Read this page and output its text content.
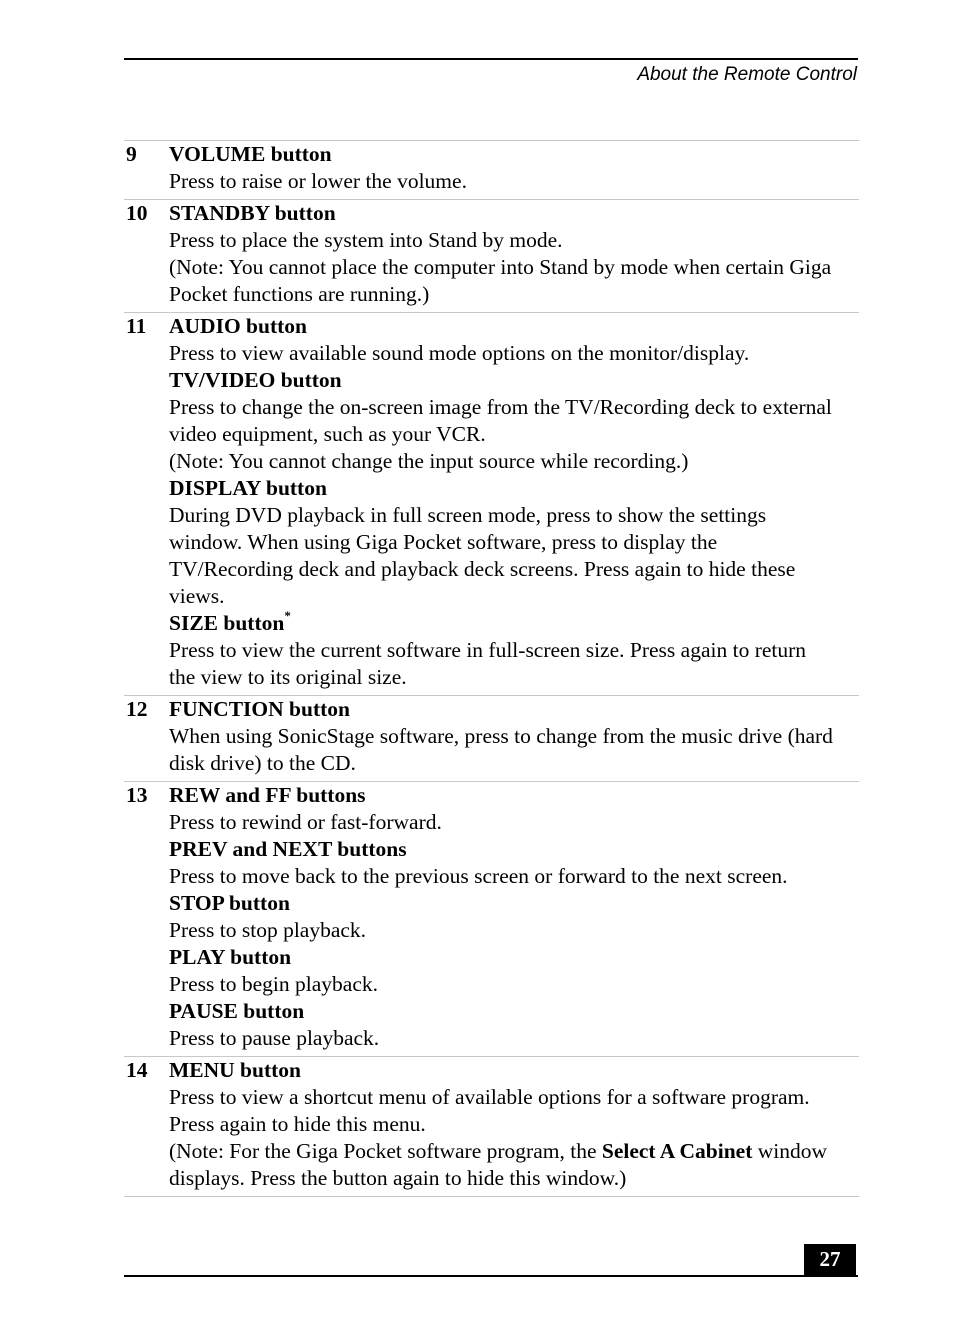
About the Remote Control
9 VOLUME button
Press to raise or lower the volume.
10 STANDBY button
Press to place the system into Stand by mode.
(Note: You cannot place the computer into Stand by mode when certain Giga
Pocket functions are running.)
11 AUDIO button
Press to view available sound mode options on the monitor/display.
TV/VIDEO button
Press to change the on-screen image from the TV/Recording deck to external
video equipment, such as your VCR.
(Note: You cannot change the input source while recording.)
DISPLAY button
During DVD playback in full screen mode, press to show the settings
window. When using Giga Pocket software, press to display the
TV/Recording deck and playback deck screens. Press again to hide these
views.
SIZE button*
Press to view the current software in full-screen size. Press again to return
the view to its original size.
12 FUNCTION button
When using SonicStage software, press to change from the music drive (hard
disk drive) to the CD.
13 REW and FF buttons
Press to rewind or fast-forward.
PREV and NEXT buttons
Press to move back to the previous screen or forward to the next screen.
STOP button
Press to stop playback.
PLAY button
Press to begin playback.
PAUSE button
Press to pause playback.
14 MENU button
Press to view a shortcut menu of available options for a software program.
Press again to hide this menu.
(Note: For the Giga Pocket software program, the Select A Cabinet window
displays. Press the button again to hide this window.)
27
